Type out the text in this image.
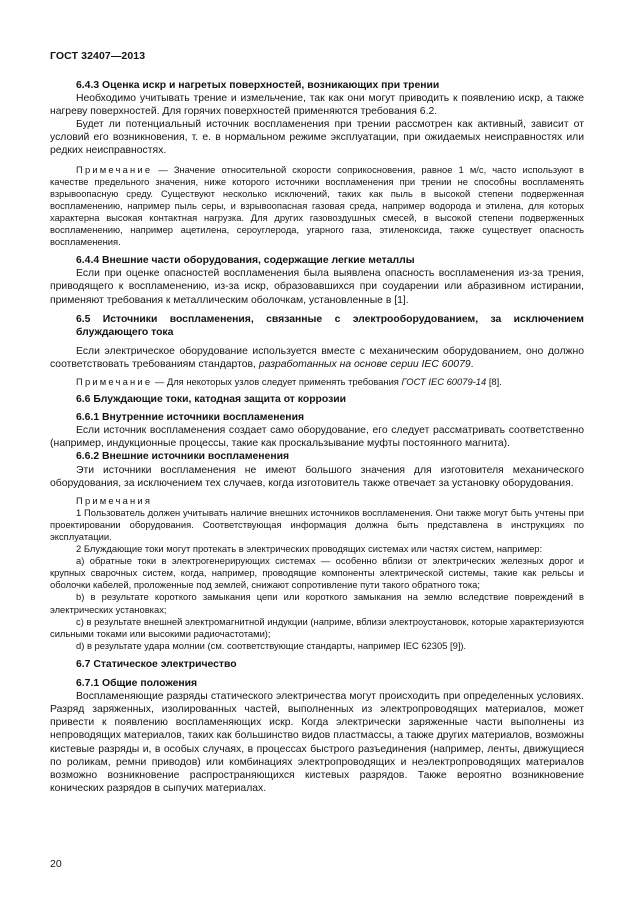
ГОСТ 32407—2013

6.4.3 Оценка искр и нагретых поверхностей, возникающих при трении

Необходимо учитывать трение и измельчение, так как они могут приводить к появлению искр, а также нагреву поверхностей. Для горячих поверхностей применяются требования 6.2.

Будет ли потенциальный источник воспламенения при трении рассмотрен как активный, зависит от условий его возникновения, т. е. в нормальном режиме эксплуатации, при ожидаемых неисправностях или редких неисправностях.

Примечание — Значение относительной скорости соприкосновения, равное 1 м/с, часто используют в качестве предельного значения, ниже которого источники воспламенения при трении не способны воспламенять взрывоопасную среду. Существуют несколько исключений, таких как пыль в высокой степени подверженная воспламенению, например пыль серы, и взрывоопасная газовая среда, например водорода и этилена, для которых характерна высокая контактная нагрузка. Для других газовоздушных смесей, в высокой степени подверженных воспламенению, например ацетилена, сероуглерода, угарного газа, этиленоксида, также существует опасность воспламенения.

6.4.4 Внешние части оборудования, содержащие легкие металлы

Если при оценке опасностей воспламенения была выявлена опасность воспламенения из-за трения, приводящего к воспламенению, из-за искр, образовавшихся при соударении или абразивном истирании, применяют требования к металлическим оболочкам, установленные в [1].

6.5 Источники воспламенения, связанные с электрооборудованием, за исключением блуждающего тока

Если электрическое оборудование используется вместе с механическим оборудованием, оно должно соответствовать требованиям стандартов, разработанных на основе серии IEC 60079.

Примечание — Для некоторых узлов следует применять требования ГОСТ IEC 60079-14 [8].

6.6 Блуждающие токи, катодная защита от коррозии

6.6.1 Внутренние источники воспламенения

Если источник воспламенения создает само оборудование, его следует рассматривать соответственно (например, индукционные процессы, такие как проскальзывание муфты постоянного магнита).

6.6.2 Внешние источники воспламенения

Эти источники воспламенения не имеют большого значения для изготовителя механического оборудования, за исключением тех случаев, когда изготовитель также отвечает за установку оборудования.

Примечания

1 Пользователь должен учитывать наличие внешних источников воспламенения. Они также могут быть учтены при проектировании оборудования. Соответствующая информация должна быть представлена в инструкциях по эксплуатации.

2 Блуждающие токи могут протекать в электрических проводящих системах или частях систем, например:

а) обратные токи в электрогенерирующих системах — особенно вблизи от электрических железных дорог и крупных сварочных систем, когда, например, проводящие компоненты электрической системы, такие как рельсы и оболочки кабелей, проложенные под землей, снижают сопротивление пути такого обратного тока;

b) в результате короткого замыкания цепи или короткого замыкания на землю вследствие повреждений в электрических установках;

с) в результате внешней электромагнитной индукции (наприме, вблизи электроустановок, которые характеризуются сильными токами или высокими радиочастотами);

d) в результате удара молнии (см. соответствующие стандарты, например IEC 62305 [9]).

6.7 Статическое электричество

6.7.1 Общие положения

Воспламеняющие разряды статического электричества могут происходить при определенных условиях. Разряд заряженных, изолированных частей, выполненных из электропроводящих материалов, может привести к появлению воспламеняющих искр. Когда электрически заряженные части выполнены из непроводящих материалов, таких как большинство видов пластмассы, а также других материалов, возможны кистевые разряды и, в особых случаях, в процессах быстрого разъединения (например, ленты, движущиеся по роликам, ремни приводов) или комбинациях электропроводящих и неэлектропроводящих материалов возможно возникновение распространяющихся кистевых разрядов. Также вероятно возникновение конических разрядов в сыпучих материалах.

20
